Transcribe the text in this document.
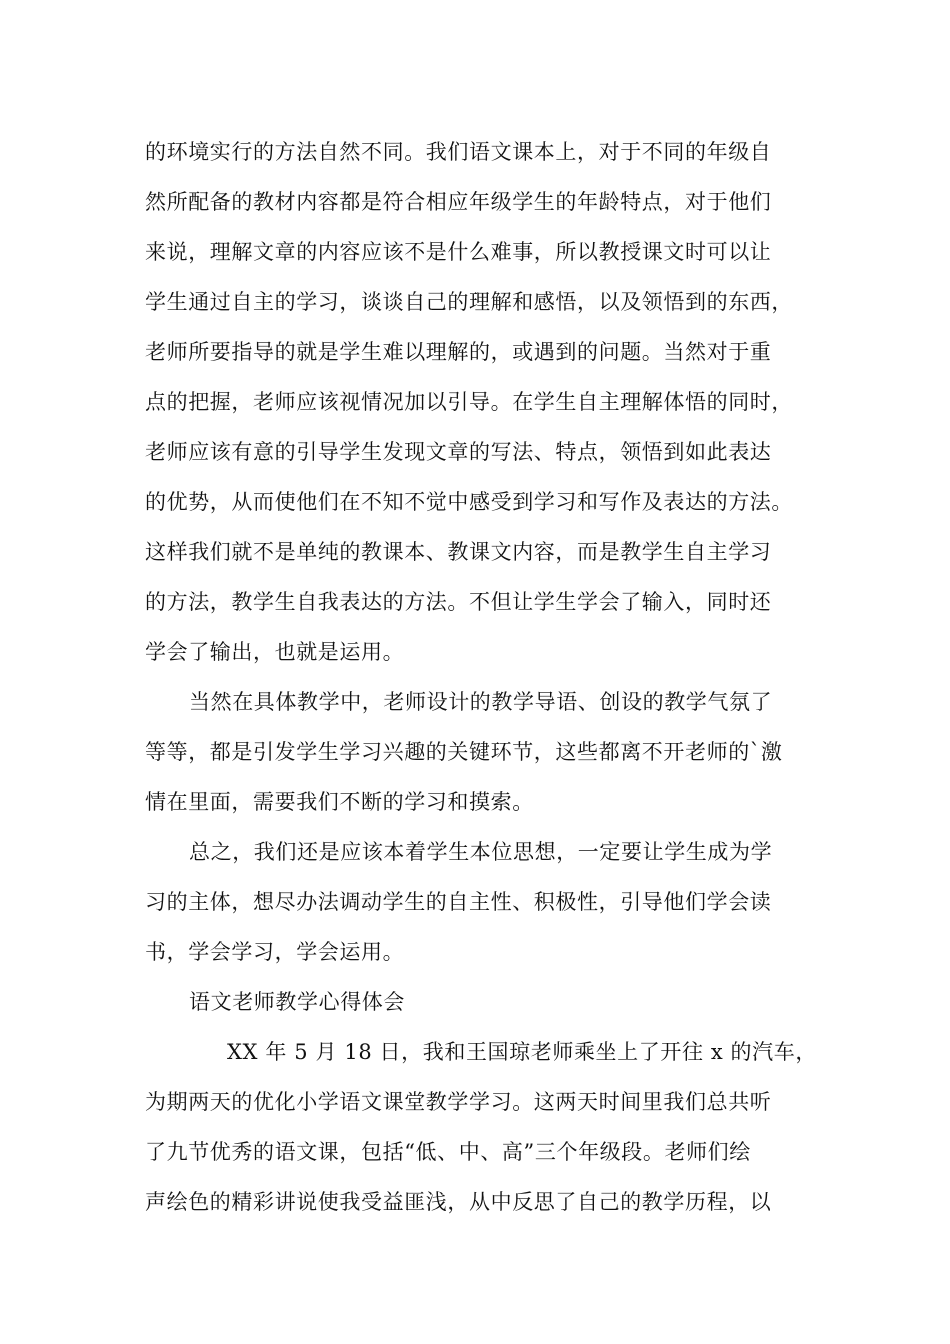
的环境实行的方法自然不同。我们语文课本上，对于不同的年级自
然所配备的教材内容都是符合相应年级学生的年龄特点，对于他们
来说，理解文章的内容应该不是什么难事，所以教授课文时可以让
学生通过自主的学习，谈谈自己的理解和感悟，以及领悟到的东西，
老师所要指导的就是学生难以理解的，或遇到的问题。当然对于重
点的把握，老师应该视情况加以引导。在学生自主理解体悟的同时，
老师应该有意的引导学生发现文章的写法、特点，领悟到如此表达
的优势，从而使他们在不知不觉中感受到学习和写作及表达的方法。
这样我们就不是单纯的教课本、教课文内容，而是教学生自主学习
的方法，教学生自我表达的方法。不但让学生学会了输入，同时还
学会了输出，也就是运用。
当然在具体教学中，老师设计的教学导语、创设的教学气氛了
等等，都是引发学生学习兴趣的关键环节，这些都离不开老师的`激
情在里面，需要我们不断的学习和摸索。
总之，我们还是应该本着学生本位思想，一定要让学生成为学
习的主体，想尽办法调动学生的自主性、积极性，引导他们学会读
书，学会学习，学会运用。
语文老师教学心得体会
XX 年 5 月 18 日，我和王国琼老师乘坐上了开往 x 的汽车，
为期两天的优化小学语文课堂教学学习。这两天时间里我们总共听
了九节优秀的语文课，包括“低、中、高”三个年级段。老师们绘
声绘色的精彩讲说使我受益匪浅，从中反思了自己的教学历程，以
